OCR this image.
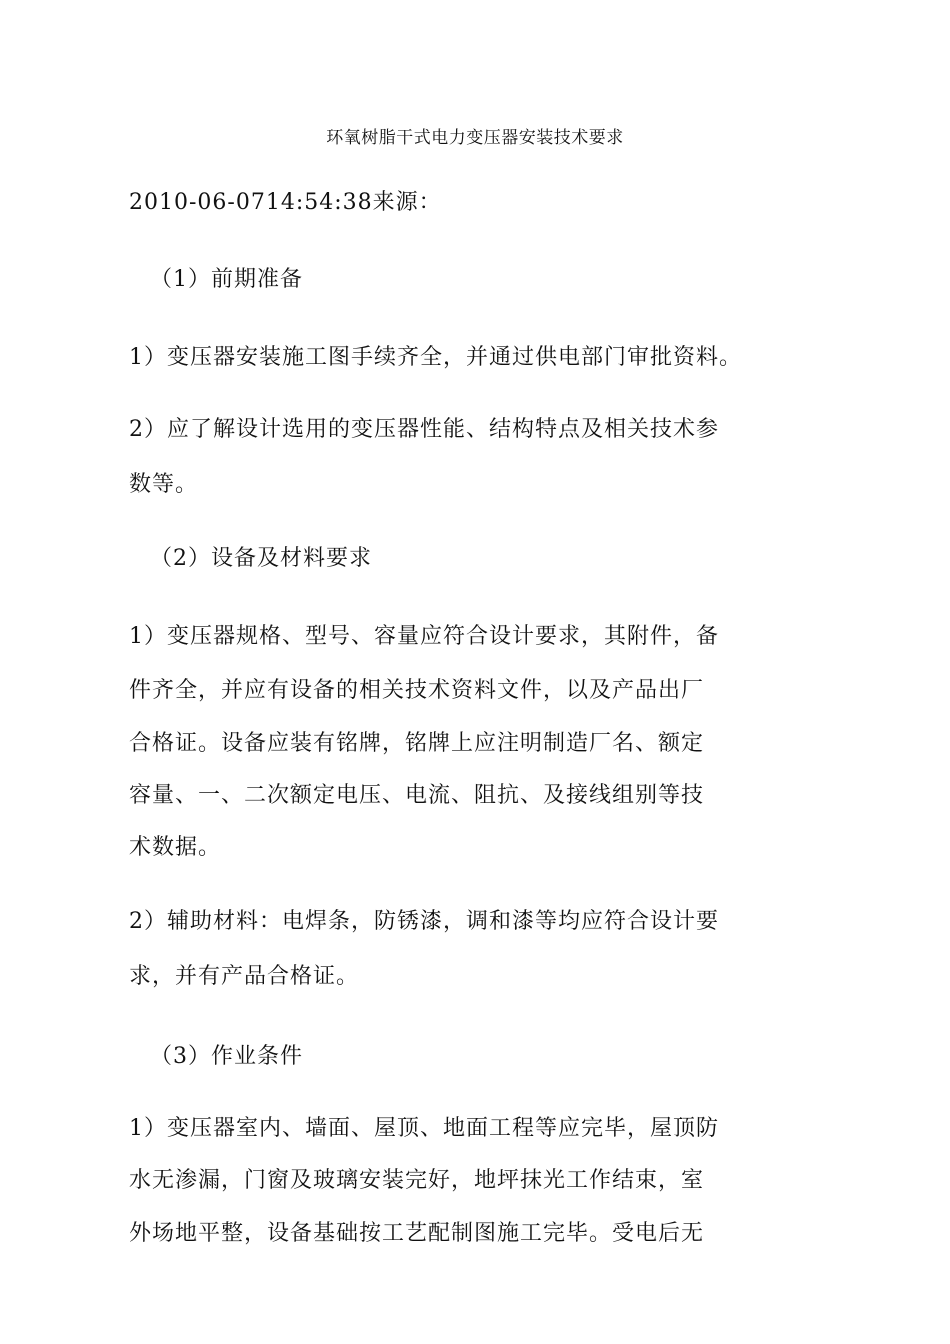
环氧树脂干式电力变压器安装技术要求
2010-06-0714:54:38来源：
（1）前期准备
1）变压器安装施工图手续齐全，并通过供电部门审批资料。
2）应了解设计选用的变压器性能、结构特点及相关技术参
数等。
（2）设备及材料要求
1）变压器规格、型号、容量应符合设计要求，其附件，备
件齐全，并应有设备的相关技术资料文件，以及产品出厂
合格证。设备应装有铭牌，铭牌上应注明制造厂名、额定
容量、一、二次额定电压、电流、阻抗、及接线组别等技
术数据。
2）辅助材料：电焊条，防锈漆，调和漆等均应符合设计要
求，并有产品合格证。
（3）作业条件
1）变压器室内、墙面、屋顶、地面工程等应完毕，屋顶防
水无渗漏，门窗及玻璃安装完好，地坪抹光工作结束，室
外场地平整，设备基础按工艺配制图施工完毕。受电后无
